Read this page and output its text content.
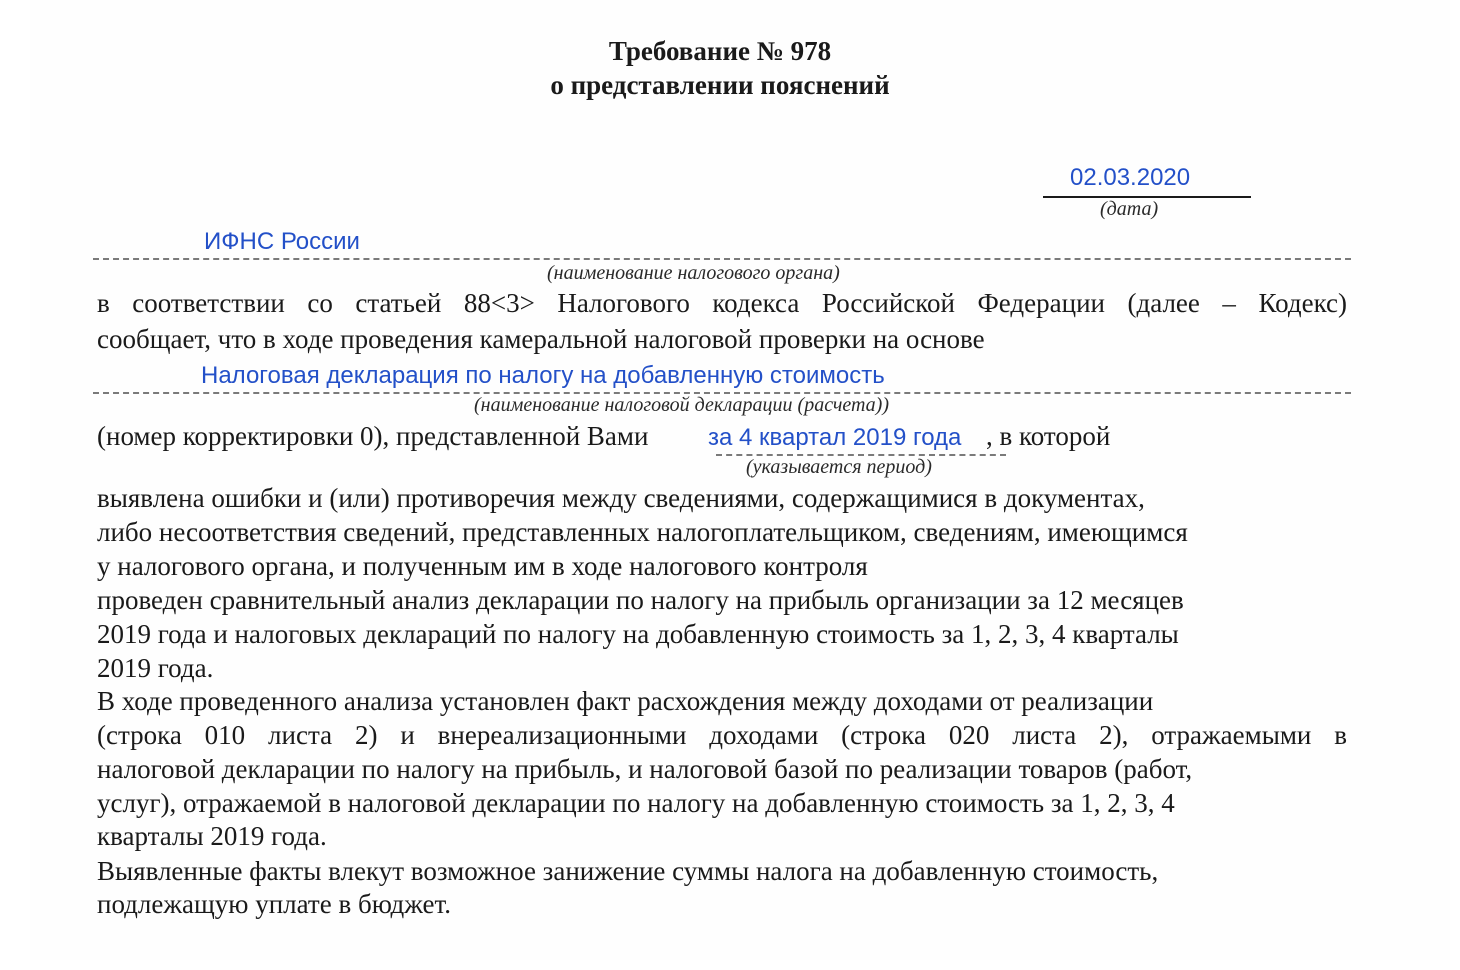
Требование № 978
о представлении пояснений
02.03.2020
(дата)
ИФНС России
(наименование налогового органа)
в соответствии со статьей 88<3> Налогового кодекса Российской Федерации (далее – Кодекс)
сообщает, что в ходе проведения камеральной налоговой проверки на основе
Налоговая декларация по налогу на добавленную стоимость
(наименование налоговой декларации (расчета))
(номер корректировки 0), представленной Вами за 4 квартал 2019 года , в которой
(указывается период)
выявлена ошибки и (или) противоречия между сведениями, содержащимися в документах,
либо несоответствия сведений, представленных налогоплательщиком, сведениям, имеющимся
у налогового органа, и полученным им в ходе налогового контроля
проведен сравнительный анализ декларации по налогу на прибыль организации за 12 месяцев
2019 года и налоговых деклараций по налогу на добавленную стоимость за 1, 2, 3, 4 кварталы
2019 года.
В ходе проведенного анализа установлен факт расхождения между доходами от реализации
(строка 010 листа 2) и внереализационными доходами (строка 020 листа 2), отражаемыми в
налоговой декларации по налогу на прибыль, и налоговой базой по реализации товаров (работ,
услуг), отражаемой в налоговой декларации по налогу на добавленную стоимость за 1, 2, 3, 4
кварталы 2019 года.
Выявленные факты влекут возможное занижение суммы налога на добавленную стоимость,
подлежащую уплате в бюджет.
